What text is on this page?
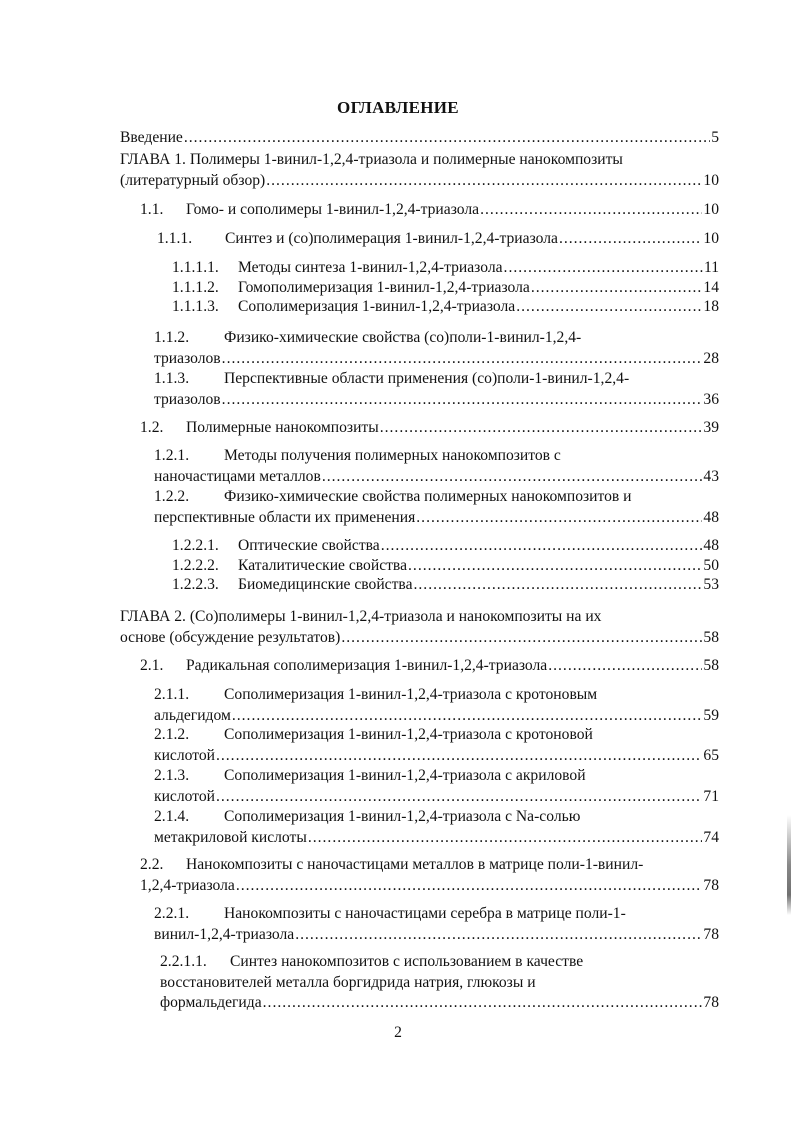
ОГЛАВЛЕНИЕ
Введение .....	5
ГЛАВА 1. Полимеры 1-винил-1,2,4-триазола и полимерные нанокомпозиты
(литературный обзор) .....	10
1.1. Гомо- и сополимеры 1-винил-1,2,4-триазола .....	10
1.1.1. Синтез и (со)полимерация 1-винил-1,2,4-триазола .....	10
1.1.1.1. Методы синтеза 1-винил-1,2,4-триазола .....	11
1.1.1.2. Гомополимеризация 1-винил-1,2,4-триазола .....	14
1.1.1.3. Сополимеризация 1-винил-1,2,4-триазола .....	18
1.1.2. Физико-химические свойства (со)поли-1-винил-1,2,4-
триазолов .....	28
1.1.3. Перспективные области применения (со)поли-1-винил-1,2,4-
триазолов .....	36
1.2. Полимерные нанокомпозиты .....	39
1.2.1. Методы получения полимерных нанокомпозитов с
наночастицами металлов .....	43
1.2.2. Физико-химические свойства полимерных нанокомпозитов и
перспективные области их применения .....	48
1.2.2.1. Оптические свойства .....	48
1.2.2.2. Каталитические свойства .....	50
1.2.2.3. Биомедицинские свойства .....	53
ГЛАВА 2. (Со)полимеры 1-винил-1,2,4-триазола и нанокомпозиты на их
основе (обсуждение результатов) .....	58
2.1. Радикальная сополимеризация 1-винил-1,2,4-триазола .....	58
2.1.1. Сополимеризация 1-винил-1,2,4-триазола с кротоновым
альдегидом .....	59
2.1.2. Сополимеризация 1-винил-1,2,4-триазола с кротоновой
кислотой .....	65
2.1.3. Сополимеризация 1-винил-1,2,4-триазола с акриловой
кислотой .....	71
2.1.4. Сополимеризация 1-винил-1,2,4-триазола с Na-солью
метакриловой кислоты .....	74
2.2. Нанокомпозиты с наночастицами металлов в матрице поли-1-винил-
1,2,4-триазола .....	78
2.2.1. Нанокомпозиты с наночастицами серебра в матрице поли-1-
винил-1,2,4-триазола .....	78
2.2.1.1. Синтез нанокомпозитов с использованием в качестве
восстановителей металла боргидрида натрия, глюкозы и
формальдегида .....	78
2
